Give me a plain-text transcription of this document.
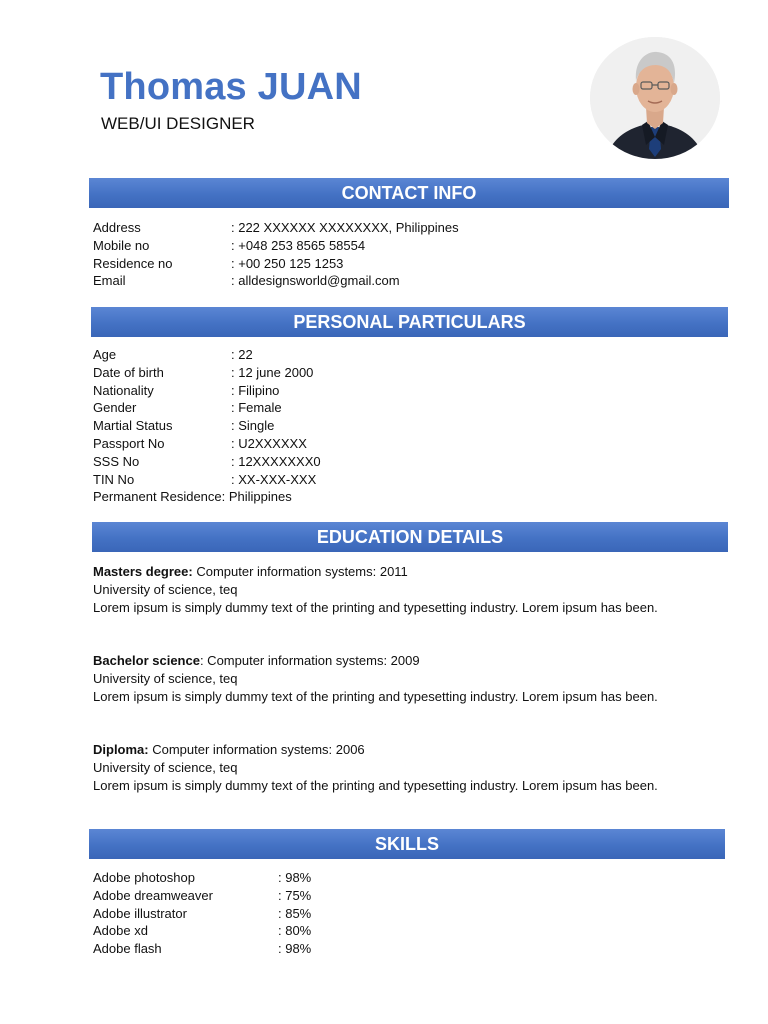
Thomas JUAN
WEB/UI DESIGNER
CONTACT INFO
Address	: 222 XXXXXX XXXXXXXX, Philippines
Mobile no	: +048 253 8565 58554
Residence no	: +00 250 125 1253
Email	: alldesignsworld@gmail.com
PERSONAL PARTICULARS
Age	: 22
Date of birth	: 12 june 2000
Nationality	: Filipino
Gender	: Female
Martial Status	: Single
Passport No	: U2XXXXXX
SSS No	: 12XXXXXXX0
TIN No	: XX-XXX-XXX
Permanent Residence : Philippines
EDUCATION DETAILS

Masters degree: Computer information systems: 2011

University of science, teq

Lorem ipsum is simply dummy text of the printing and typesetting industry. Lorem ipsum has been.

Bachelor science: Computer information systems: 2009

University of science, teq

Lorem ipsum is simply dummy text of the printing and typesetting industry. Lorem ipsum has been.

Diploma: Computer information systems: 2006

University of science, teq

Lorem ipsum is simply dummy text of the printing and typesetting industry. Lorem ipsum has been.

SKILLS
Adobe photoshop	: 98%
Adobe dreamweaver	: 75%
Adobe illustrator	: 85%
Adobe xd	: 80%
Adobe flash	: 98%
